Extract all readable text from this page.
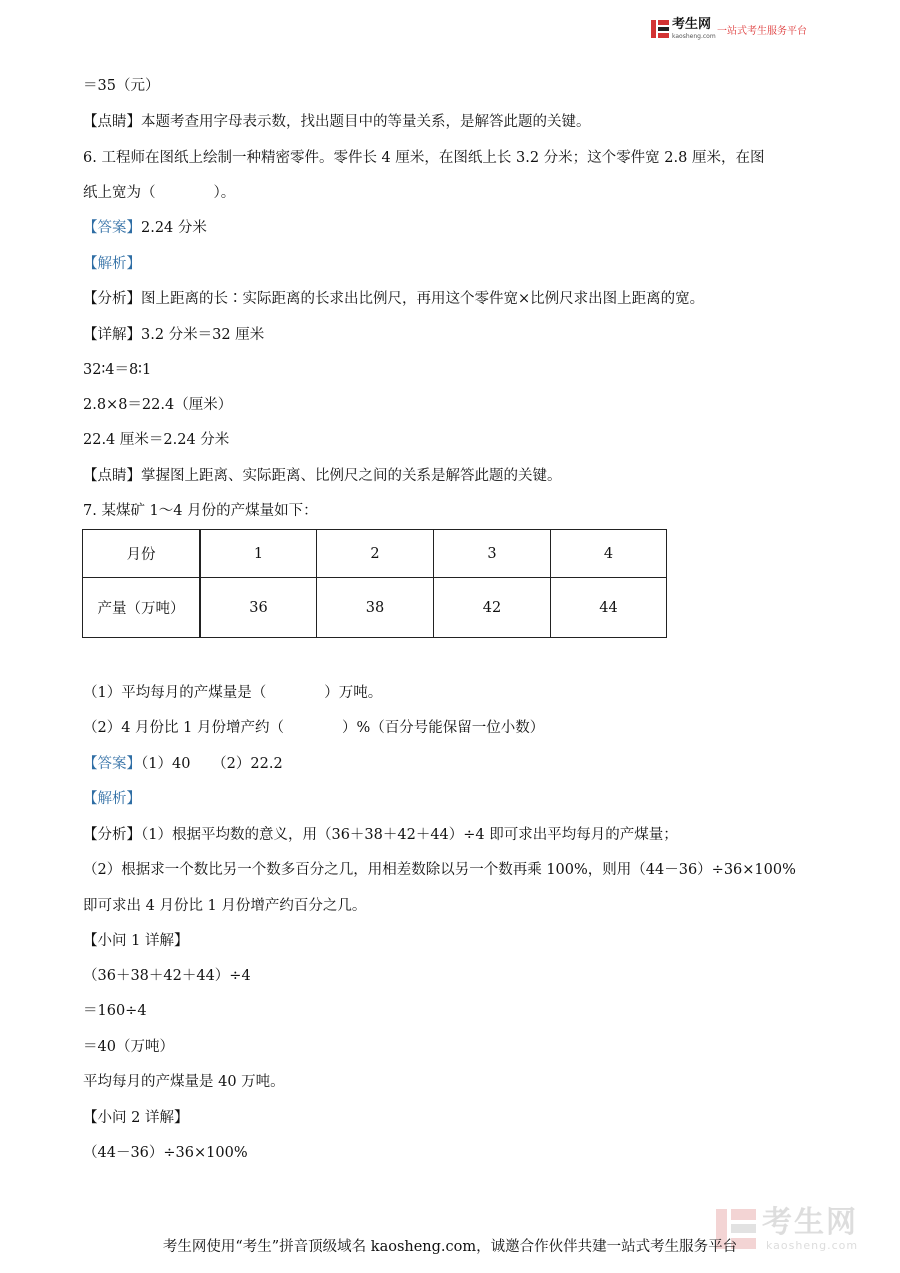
考生网
kaosheng.com 一站式考生服务平台
＝35（元）
【点睛】本题考查用字母表示数，找出题目中的等量关系，是解答此题的关键。
6. 工程师在图纸上绘制一种精密零件。零件长 4 厘米，在图纸上长 3.2 分米；这个零件宽 2.8 厘米，在图
纸上宽为（　　　　）。
【答案】2.24 分米
【解析】
【分析】图上距离的长∶实际距离的长求出比例尺，再用这个零件宽×比例尺求出图上距离的宽。
【详解】3.2 分米＝32 厘米
32∶4＝8∶1
2.8×8＝22.4（厘米）
22.4 厘米＝2.24 分米
【点睛】掌握图上距离、实际距离、比例尺之间的关系是解答此题的关键。
7. 某煤矿 1～4 月份的产煤量如下：
月份	1	2	3	4
产量（万吨）	36	38	42	44
（1）平均每月的产煤量是（　　　　）万吨。
（2）4 月份比 1 月份增产约（　　　　）%（百分号能保留一位小数）
【答案】（1）40　　（2）22.2
【解析】
【分析】（1）根据平均数的意义，用（36＋38＋42＋44）÷4 即可求出平均每月的产煤量；
（2）根据求一个数比另一个数多百分之几，用相差数除以另一个数再乘 100%，则用（44－36）÷36×100%
即可求出 4 月份比 1 月份增产约百分之几。
【小问 1 详解】
（36＋38＋42＋44）÷4
＝160÷4
＝40（万吨）
平均每月的产煤量是 40 万吨。
【小问 2 详解】
（44－36）÷36×100%
考生网
kaosheng.com
考生网使用“考生”拼音顶级域名 kaosheng.com，诚邀合作伙伴共建一站式考生服务平台
